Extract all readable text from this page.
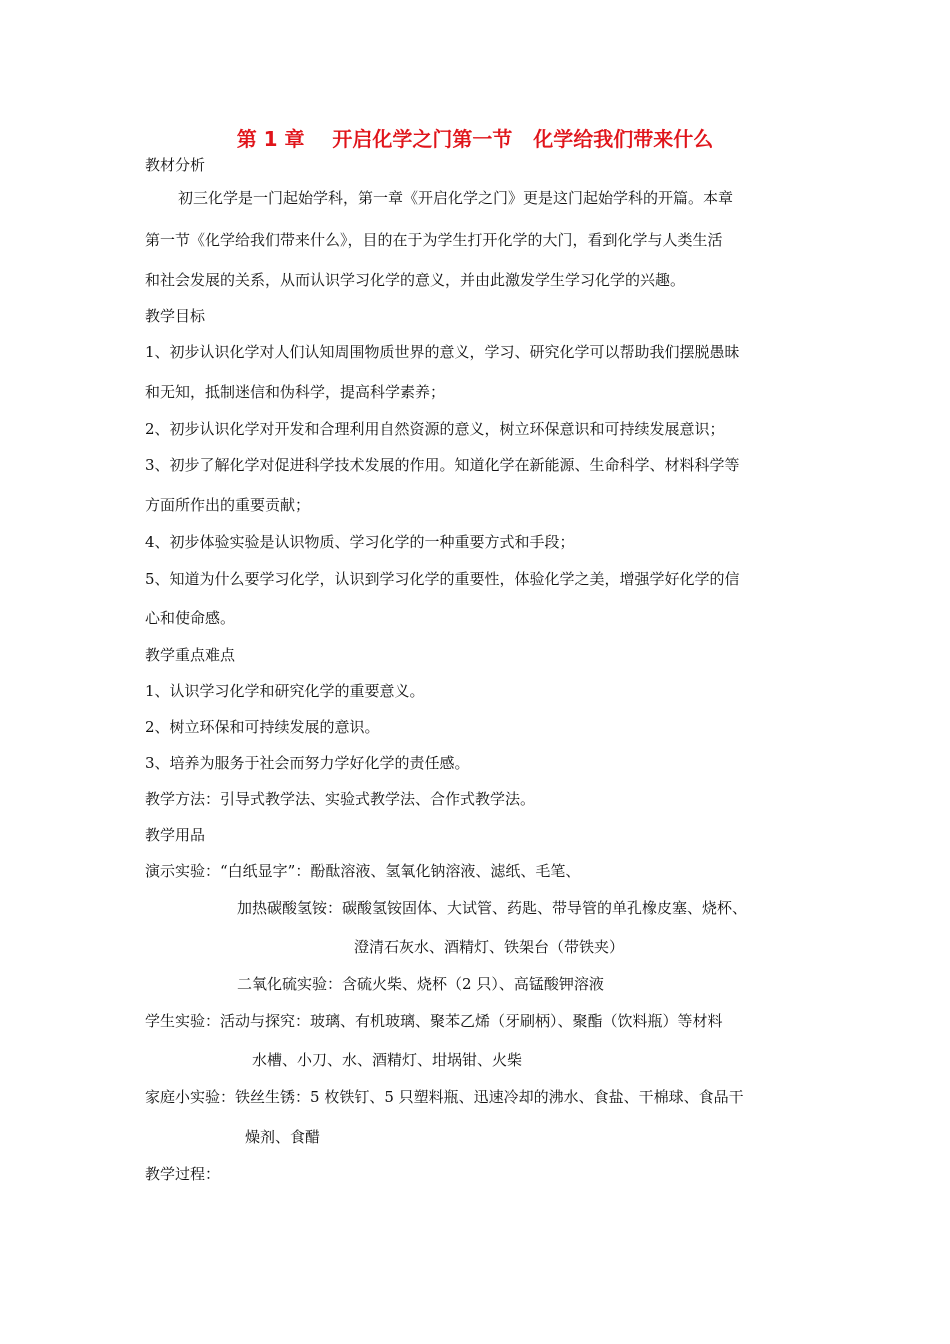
第 1 章    开启化学之门第一节   化学给我们带来什么
教材分析
初三化学是一门起始学科，第一章《开启化学之门》更是这门起始学科的开篇。本章
第一节《化学给我们带来什么》，目的在于为学生打开化学的大门，看到化学与人类生活
和社会发展的关系，从而认识学习化学的意义，并由此激发学生学习化学的兴趣。
教学目标
1、初步认识化学对人们认知周围物质世界的意义，学习、研究化学可以帮助我们摆脱愚昧
和无知，抵制迷信和伪科学，提高科学素养；
2、初步认识化学对开发和合理利用自然资源的意义，树立环保意识和可持续发展意识；
3、初步了解化学对促进科学技术发展的作用。知道化学在新能源、生命科学、材料科学等
方面所作出的重要贡献；
4、初步体验实验是认识物质、学习化学的一种重要方式和手段；
5、知道为什么要学习化学，认识到学习化学的重要性，体验化学之美，增强学好化学的信
心和使命感。
教学重点难点
1、认识学习化学和研究化学的重要意义。
2、树立环保和可持续发展的意识。
3、培养为服务于社会而努力学好化学的责任感。
教学方法：引导式教学法、实验式教学法、合作式教学法。
教学用品
演示实验：“白纸显字”：酚酞溶液、氢氧化钠溶液、滤纸、毛笔、
加热碳酸氢铵：碳酸氢铵固体、大试管、药匙、带导管的单孔橡皮塞、烧杯、
澄清石灰水、酒精灯、铁架台（带铁夹）
二氧化硫实验：含硫火柴、烧杯（2 只）、高锰酸钾溶液
学生实验：活动与探究：玻璃、有机玻璃、聚苯乙烯（牙刷柄）、聚酯（饮料瓶）等材料
水槽、小刀、水、酒精灯、坩埚钳、火柴
家庭小实验：铁丝生锈：5 枚铁钉、5 只塑料瓶、迅速冷却的沸水、食盐、干棉球、食品干
燥剂、食醋
教学过程：
